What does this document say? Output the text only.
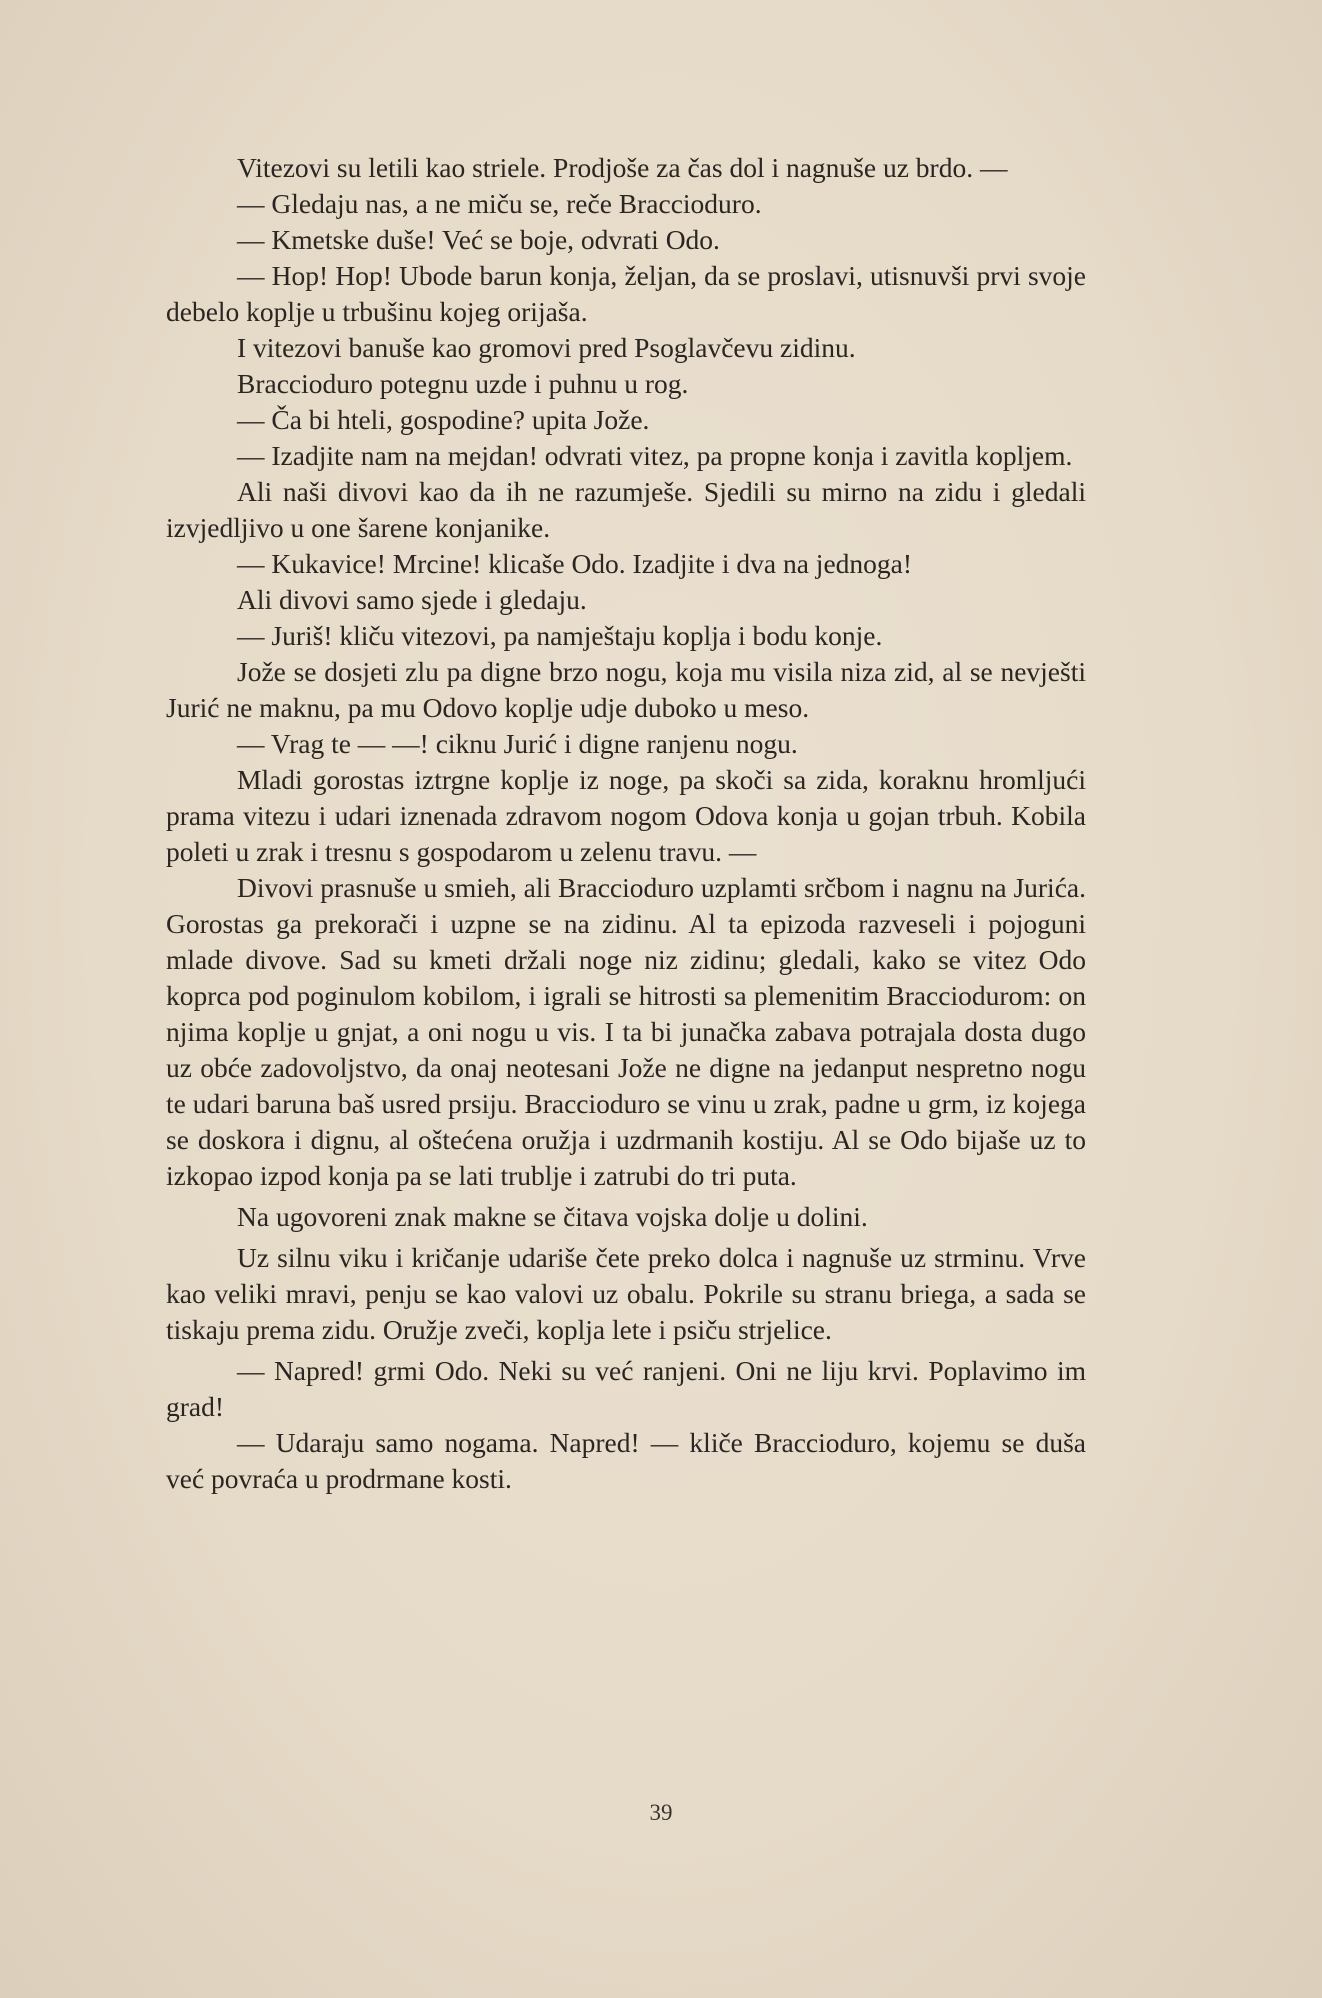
Vitezovi su letili kao striele. Prodjoše za čas dol i nagnuše uz brdo. —

— Gledaju nas, a ne miču se, reče Braccioduro.

— Kmetske duše! Već se boje, odvrati Odo.

— Hop! Hop! Ubode barun konja, željan, da se proslavi, utisnuvši prvi svoje debelo koplje u trbušinu kojeg orijaša.

I vitezovi banuše kao gromovi pred Psoglavčevu zidinu.

Braccioduro potegnu uzde i puhnu u rog.

— Ča bi hteli, gospodine? upita Jože.

— Izadjite nam na mejdan! odvrati vitez, pa propne konja i zavitla kopljem.

Ali naši divovi kao da ih ne razumješe. Sjedili su mirno na zidu i gledali izvjedljivo u one šarene konjanike.

— Kukavice! Mrcine! klicaše Odo. Izadjite i dva na jednoga!

Ali divovi samo sjede i gledaju.

— Juriš! kliču vitezovi, pa namještaju koplja i bodu konje.

Jože se dosjeti zlu pa digne brzo nogu, koja mu visila niza zid, al se nevješti Jurić ne maknu, pa mu Odovo koplje udje duboko u meso.

— Vrag te — —! ciknu Jurić i digne ranjenu nogu.

Mladi gorostas iztrgne koplje iz noge, pa skoči sa zida, koraknu hromljući prama vitezu i udari iznenada zdravom nogom Odova konja u gojan trbuh. Kobila poleti u zrak i tresnu s gospodarom u zelenu travu. —

Divovi prasnuše u smieh, ali Braccioduro uzplamti srčbom i nagnu na Jurića. Gorostas ga prekorači i uzpne se na zidinu. Al ta epizoda razveseli i pojoguni mlade divove. Sad su kmeti držali noge niz zidinu; gledali, kako se vitez Odo koprca pod poginulom kobilom, i igrali se hitrosti sa plemenitim Bracciodurom: on njima koplje u gnjat, a oni nogu u vis. I ta bi junačka zabava potrajala dosta dugo uz obće zadovoljstvo, da onaj neotesani Jože ne digne na jedanput nespretno nogu te udari baruna baš usred prsiju. Braccioduro se vinu u zrak, padne u grm, iz kojega se doskora i dignu, al oštećena oružja i uzdrmanih kostiju. Al se Odo bijaše uz to izkopao izpod konja pa se lati trublje i zatrubi do tri puta.

Na ugovoreni znak makne se čitava vojska dolje u dolini.

Uz silnu viku i kričanje udariše čete preko dolca i nagnuše uz strminu. Vrve kao veliki mravi, penju se kao valovi uz obalu. Pokrile su stranu briega, a sada se tiskaju prema zidu. Oružje zveči, koplja lete i psiču strjelice.

— Napred! grmi Odo. Neki su već ranjeni. Oni ne liju krvi. Poplavimo im grad!

— Udaraju samo nogama. Napred! — kliče Braccioduro, kojemu se duša već povraća u prodrmane kosti.

39
